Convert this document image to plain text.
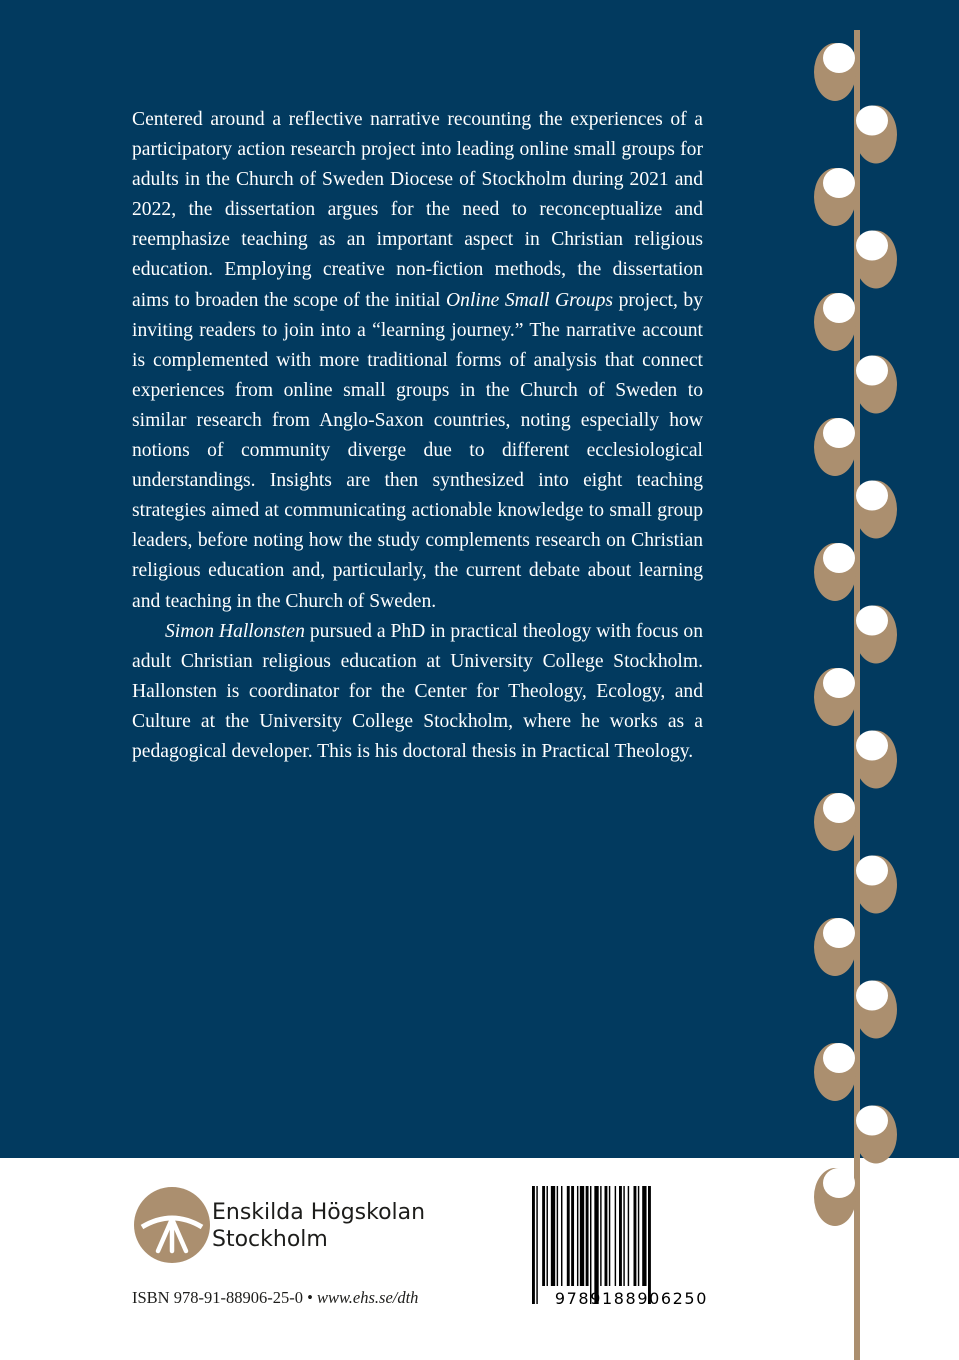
Centered around a reflective narrative recounting the experiences of a participatory action research project into leading online small groups for adults in the Church of Sweden Diocese of Stockholm during 2021 and 2022, the dissertation argues for the need to reconceptualize and reemphasize teaching as an important aspect in Christian religious education. Employing creative non-fiction methods, the dissertation aims to broaden the scope of the initial Online Small Groups project, by inviting readers to join into a “learning journey.” The narrative account is complemented with more traditional forms of analysis that connect experiences from online small groups in the Church of Sweden to similar research from Anglo-Saxon countries, noting especially how notions of community diverge due to different ecclesiological understandings. Insights are then synthesized into eight teaching strategies aimed at communicating actionable knowledge to small group leaders, before noting how the study complements research on Christian religious education and, particularly, the current debate about learning and teaching in the Church of Sweden.

Simon Hallonsten pursued a PhD in practical theology with focus on adult Christian religious education at University College Stockholm. Hallonsten is coordinator for the Center for Theology, Ecology, and Culture at the University College Stockholm, where he works as a pedagogical developer. This is his doctoral thesis in Practical Theology.

Enskilda Högskolan
Stockholm
ISBN 978-91-88906-25-0 • www.ehs.se/dth	9789188906250
